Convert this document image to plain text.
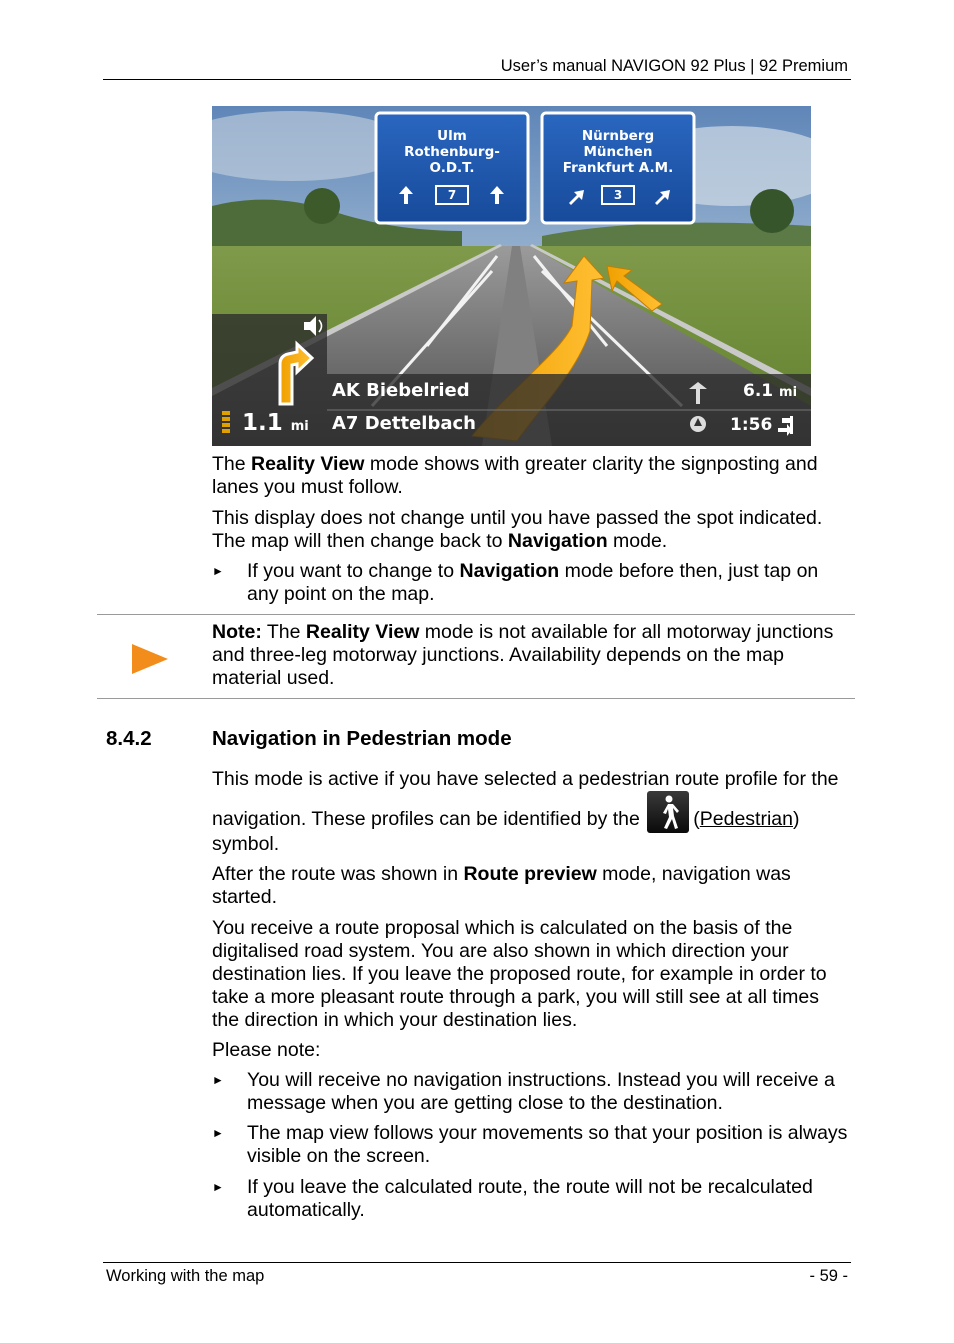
User’s manual NAVIGON 92 Plus | 92 Premium
Ulm
Rothenburg-
O.D.T.
7
Nürnberg
München
Frankfurt A.M.
3
1.1 mi
AK Biebelried
A7 Dettelbach
6.1 mi
1:56
The Reality View mode shows with greater clarity the signposting and lanes you must follow.
This display does not change until you have passed the spot indicated. The map will then change back to Navigation mode.
► If you want to change to Navigation mode before then, just tap on any point on the map.
Note: The Reality View mode is not available for all motorway junctions and three-leg motorway junctions. Availability depends on the map material used.
8.4.2	Navigation in Pedestrian mode
This mode is active if you have selected a pedestrian route profile for the navigation. These profiles can be identified by the
(Pedestrian) symbol.
After the route was shown in Route preview mode, navigation was started.
You receive a route proposal which is calculated on the basis of the digitalised road system. You are also shown in which direction your destination lies. If you leave the proposed route, for example in order to take a more pleasant route through a park, you will still see at all times the direction in which your destination lies.
Please note:
► You will receive no navigation instructions. Instead you will receive a message when you are getting close to the destination.
► The map view follows your movements so that your position is always visible on the screen.
► If you leave the calculated route, the route will not be recalculated automatically.
Working with the map	- 59 -
